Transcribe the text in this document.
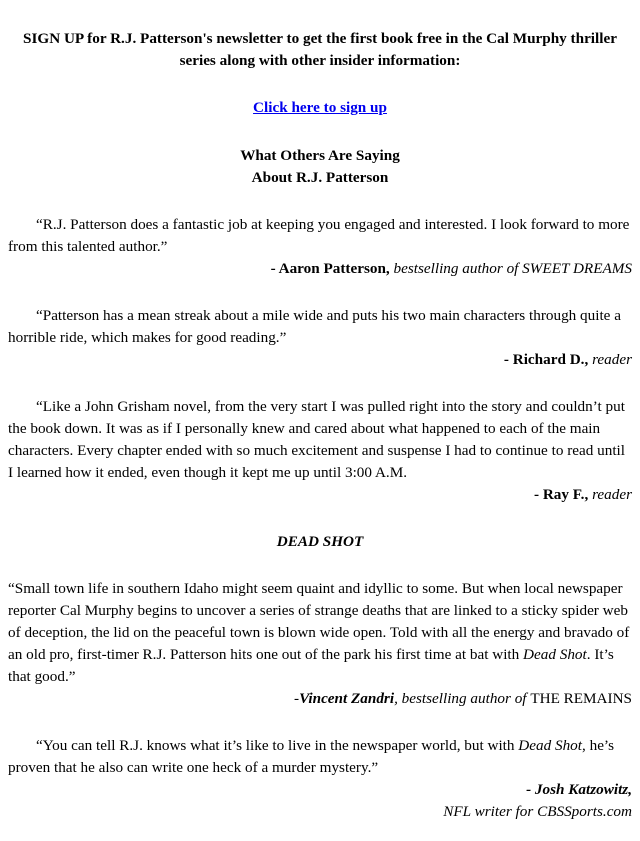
SIGN UP for R.J. Patterson's newsletter to get the first book free in the Cal Murphy thriller series along with other insider information:
Click here to sign up
What Others Are Saying
About R.J. Patterson

“R.J. Patterson does a fantastic job at keeping you engaged and interested. I look forward to more from this talented author.”

- Aaron Patterson, bestselling author of SWEET DREAMS

“Patterson has a mean streak about a mile wide and puts his two main characters through quite a horrible ride, which makes for good reading.”

- Richard D., reader

“Like a John Grisham novel, from the very start I was pulled right into the story and couldn’t put the book down. It was as if I personally knew and cared about what happened to each of the main characters. Every chapter ended with so much excitement and suspense I had to continue to read until I learned how it ended, even though it kept me up until 3:00 A.M.

- Ray F., reader

DEAD SHOT

“Small town life in southern Idaho might seem quaint and idyllic to some. But when local newspaper reporter Cal Murphy begins to uncover a series of strange deaths that are linked to a sticky spider web of deception, the lid on the peaceful town is blown wide open. Told with all the energy and bravado of an old pro, first-timer R.J. Patterson hits one out of the park his first time at bat with Dead Shot. It’s that good.”

-Vincent Zandri, bestselling author of THE REMAINS

“You can tell R.J. knows what it’s like to live in the newspaper world, but with Dead Shot, he’s proven that he also can write one heck of a murder mystery.”

- Josh Katzowitz,

NFL writer for CBSSports.com
